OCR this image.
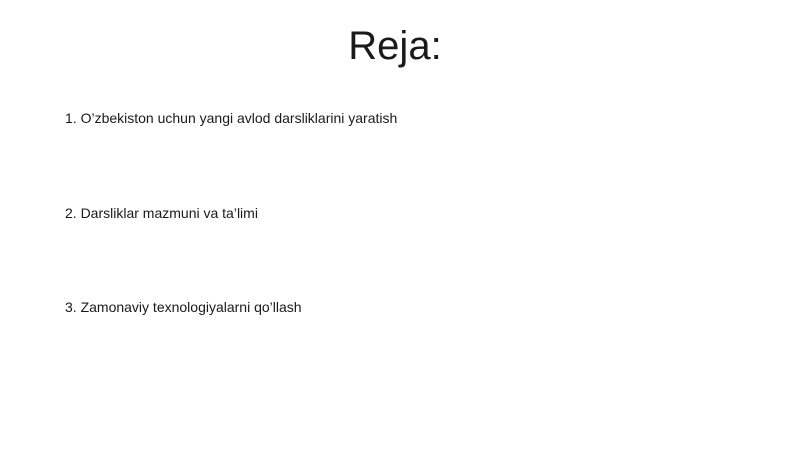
Reja:
1. O’zbekiston uchun yangi avlod darsliklarini yaratish
2. Darsliklar mazmuni va ta’limi
3. Zamonaviy texnologiyalarni qo’llash
